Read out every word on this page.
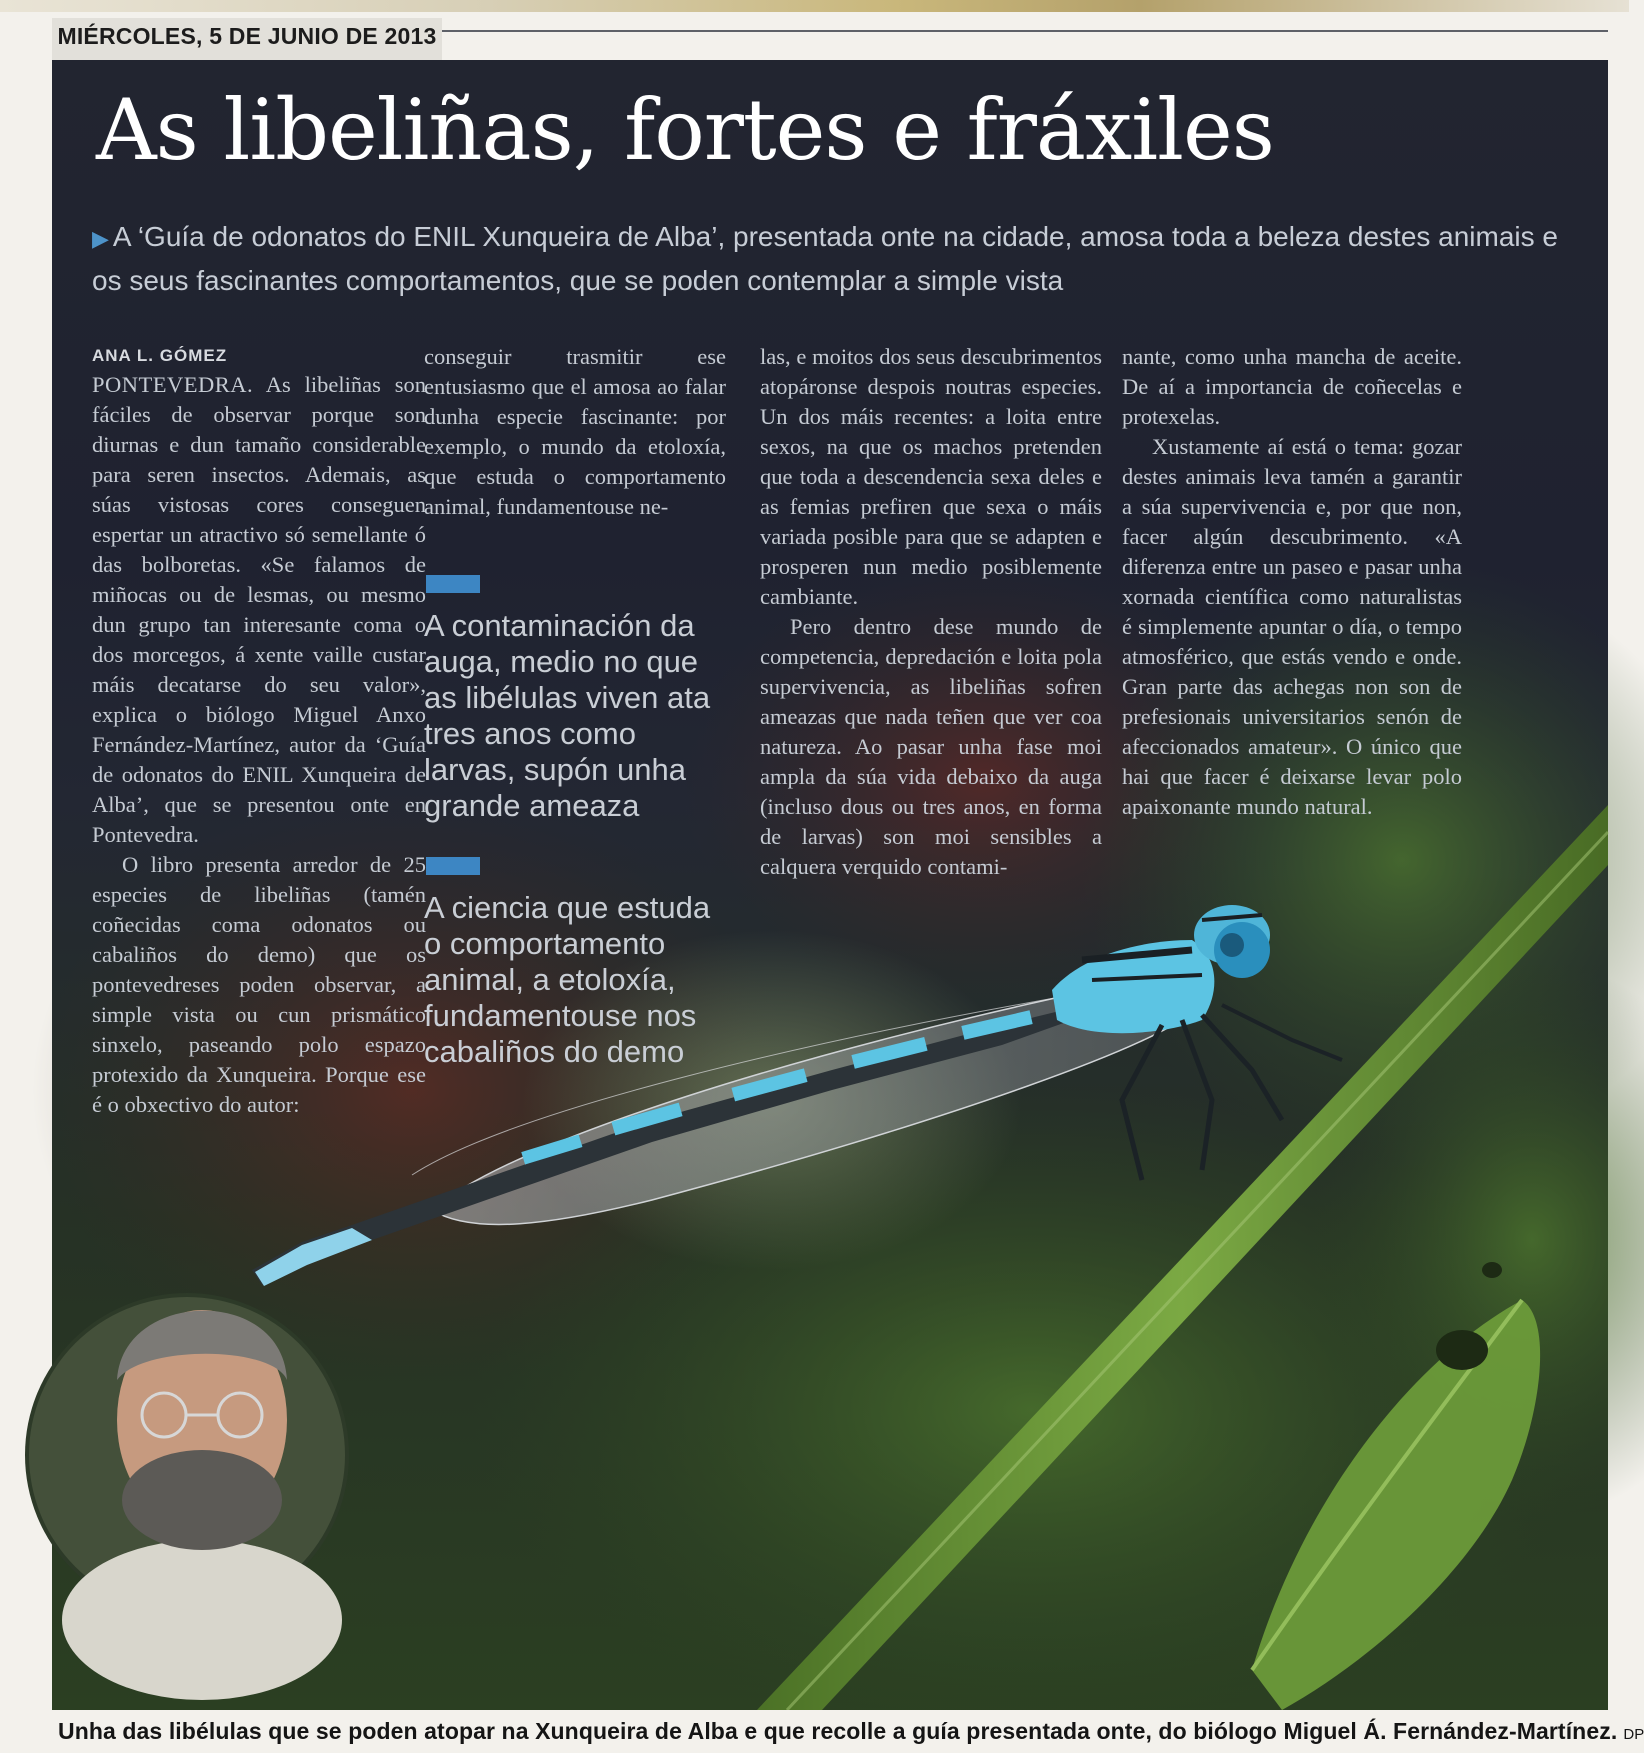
MIÉRCOLES, 5 DE JUNIO DE 2013
As libeliñas, fortes e fráxiles
▶ A ‘Guía de odonatos do ENIL Xunqueira de Alba’, presentada onte na cidade, amosa toda a beleza destes animais e os seus fascinantes comportamentos, que se poden contemplar a simple vista
ANA L. GÓMEZ
PONTEVEDRA. As libeliñas son fáciles de observar porque son diurnas e dun tamaño considerable para seren insectos. Ademais, as súas vistosas cores conseguen espertar un atractivo só semellante ó das bolboretas. «Se falamos de miñocas ou de lesmas, ou mesmo dun grupo tan interesante coma o dos morcegos, á xente vaille custar máis decatarse do seu valor», explica o biólogo Miguel Anxo Fernández-Martínez, autor da ‘Guía de odonatos do ENIL Xunqueira de Alba’, que se presentou onte en Pontevedra.
O libro presenta arredor de 25 especies de libeliñas (tamén coñecidas coma odonatos ou cabaliños do demo) que os pontevedreses poden observar, a simple vista ou cun prismático sinxelo, paseando polo espazo protexido da Xunqueira. Porque ese é o obxectivo do autor:
conseguir trasmitir ese entusiasmo que el amosa ao falar dunha especie fascinante: por exemplo, o mundo da etoloxía, que estuda o comportamento animal, fundamentouse ne-
A contaminación da auga, medio no que as libélulas viven ata tres anos como larvas, supón unha grande ameaza
A ciencia que estuda o comportamento animal, a etoloxía, fundamentouse nos cabaliños do demo
las, e moitos dos seus descubrimentos atopáronse despois noutras especies. Un dos máis recentes: a loita entre sexos, na que os machos pretenden que toda a descendencia sexa deles e as femias prefiren que sexa o máis variada posible para que se adapten e prosperen nun medio posiblemente cambiante.
Pero dentro dese mundo de competencia, depredación e loita pola supervivencia, as libeliñas sofren ameazas que nada teñen que ver coa natureza. Ao pasar unha fase moi ampla da súa vida debaixo da auga (incluso dous ou tres anos, en forma de larvas) son moi sensibles a calquera verquido contami-
nante, como unha mancha de aceite. De aí a importancia de coñecelas e protexelas.
Xustamente aí está o tema: gozar destes animais leva tamén a garantir a súa supervivencia e, por que non, facer algún descubrimento. «A diferenza entre un paseo e pasar unha xornada científica como naturalistas é simplemente apuntar o día, o tempo atmosférico, que estás vendo e onde. Gran parte das achegas non son de prefesionais universitarios senón de afeccionados amateur». O único que hai que facer é deixarse levar polo apaixonante mundo natural.
Unha das libélulas que se poden atopar na Xunqueira de Alba e que recolle a guía presentada onte, do biólogo Miguel Á. Fernández-Martínez. DP
